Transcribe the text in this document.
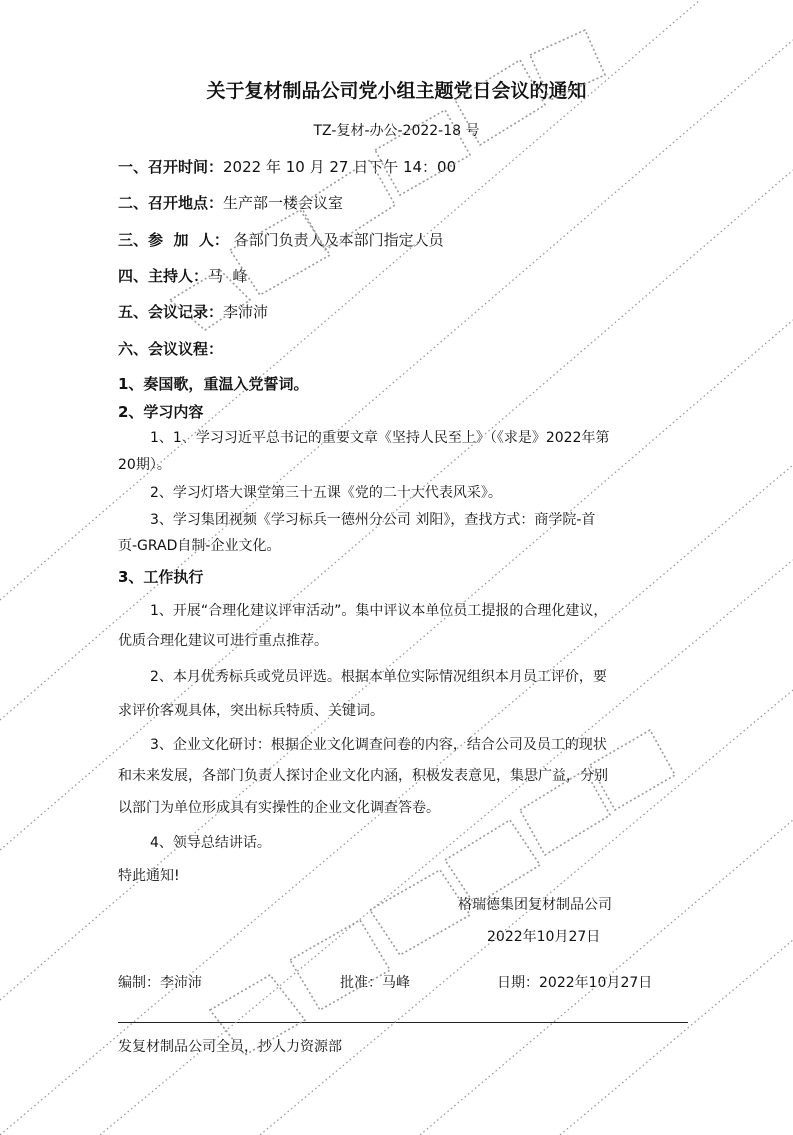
关于复材制品公司党小组主题党日会议的通知
TZ-复材-办公-2022-18 号
一、召开时间：2022 年 10 月 27 日下午 14：00
二、召开地点：生产部一楼会议室
三、参  加  人： 各部门负责人及本部门指定人员
四、主持人：马  峰
五、会议记录：李沛沛
六、会议议程：
1、奏国歌，重温入党誓词。
2、学习内容
1、1、学习习近平总书记的重要文章《坚持人民至上》（《求是》2022年第
20期）。
2、学习灯塔大课堂第三十五课《党的二十大代表风采》。
3、学习集团视频《学习标兵一德州分公司 刘阳》，查找方式：商学院-首
页-GRAD自制-企业文化。
3、工作执行
1、开展“合理化建议评审活动”。集中评议本单位员工提报的合理化建议，
优质合理化建议可进行重点推荐。
2、本月优秀标兵或党员评选。根据本单位实际情况组织本月员工评价，要
求评价客观具体，突出标兵特质、关键词。
3、企业文化研讨：根据企业文化调查问卷的内容，结合公司及员工的现状
和未来发展，各部门负责人探讨企业文化内涵，积极发表意见，集思广益，分别
以部门为单位形成具有实操性的企业文化调查答卷。
4、领导总结讲话。
特此通知!
格瑞德集团复材制品公司
2022年10月27日
编制：李沛沛	批准：马峰	日期：2022年10月27日
发复材制品公司全员，抄人力资源部
